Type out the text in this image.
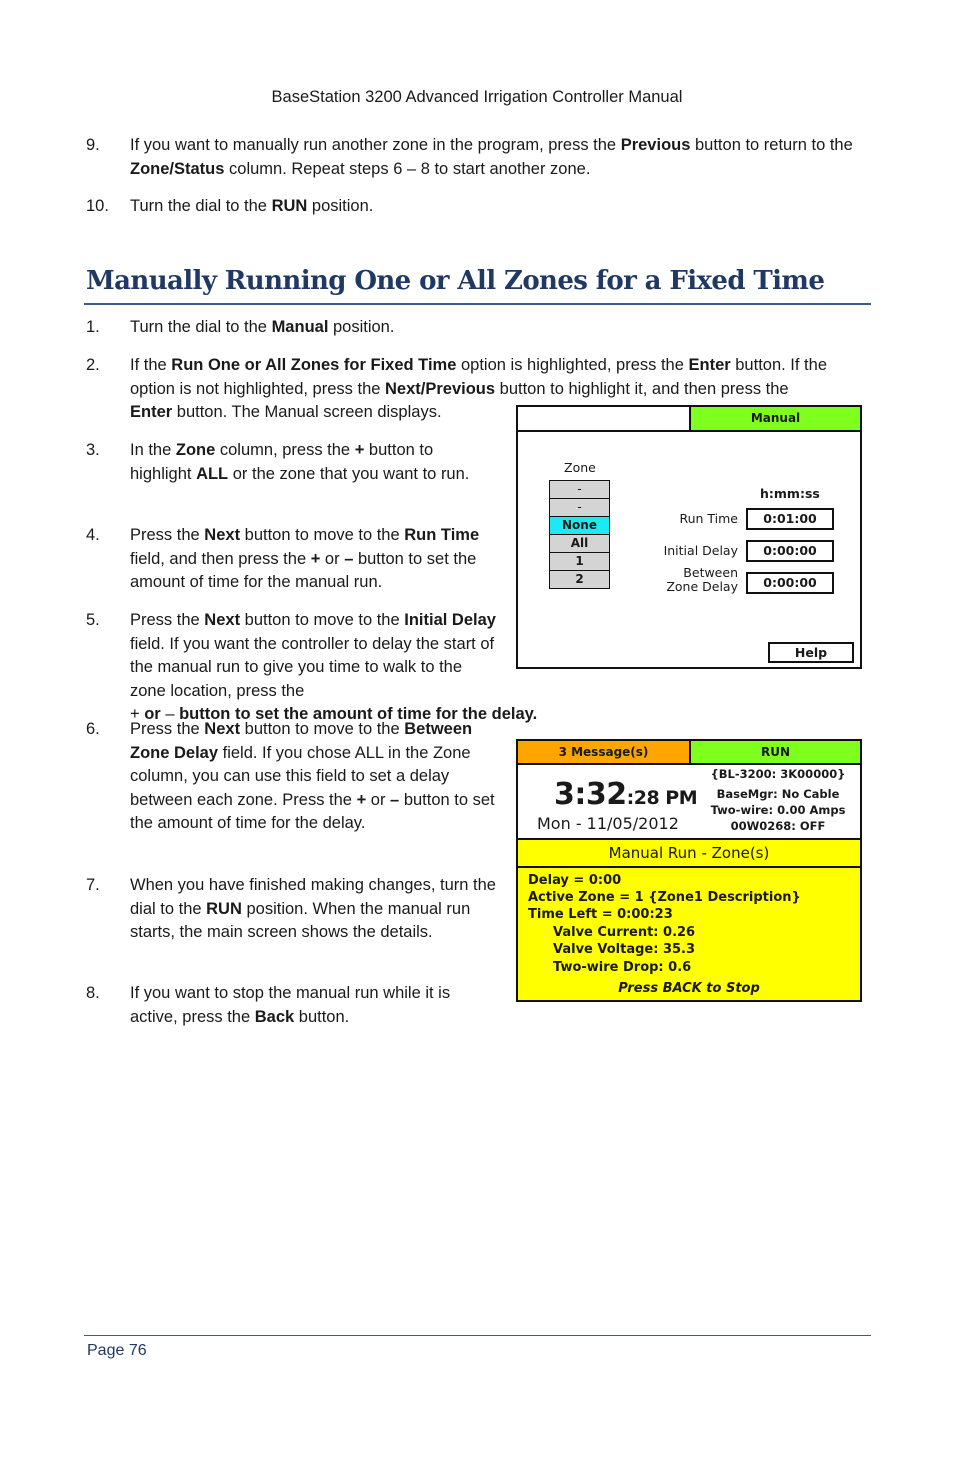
BaseStation 3200 Advanced Irrigation Controller Manual
9.	If you want to manually run another zone in the program, press the Previous button to return to the Zone/Status column. Repeat steps 6 – 8 to start another zone.
10.	Turn the dial to the RUN position.
Manually Running One or All Zones for a Fixed Time
1.	Turn the dial to the Manual position.
2.	If the Run One or All Zones for Fixed Time option is highlighted, press the Enter button. If the option is not highlighted, press the Next/Previous button to highlight it, and then press the
Enter button. The Manual screen displays.
3.	In the Zone column, press the + button to highlight ALL or the zone that you want to run.
4.	Press the Next button to move to the Run Time field, and then press the + or – button to set the amount of time for the manual run.
5.	Press the Next button to move to the Initial Delay field. If you want the controller to delay the start of the manual run to give you time to walk to the zone location, press the
+ or – button to set the amount of time for the delay.
6.	Press the Next button to move to the Between Zone Delay field. If you chose ALL in the Zone column, you can use this field to set a delay between each zone. Press the + or – button to set the amount of time for the delay.
7.	When you have finished making changes, turn the dial to the RUN position. When the manual run starts, the main screen shows the details.
8.	If you want to stop the manual run while it is active, press the Back button.
Manual
Zone
-
-
None
All
1
2
h:mm:ss
Run Time	0:01:00
Initial Delay	0:00:00
Between
Zone Delay	0:00:00
Help
3 Message(s)	RUN
3:32:28 PM
Mon - 11/05/2012
{BL-3200: 3K00000}
BaseMgr: No Cable
Two-wire: 0.00 Amps
00W0268: OFF
Manual Run - Zone(s)
Delay = 0:00
Active Zone = 1 {Zone1 Description}
Time Left = 0:00:23
Valve Current: 0.26
Valve Voltage: 35.3
Two-wire Drop: 0.6
Press BACK to Stop
Page 76
